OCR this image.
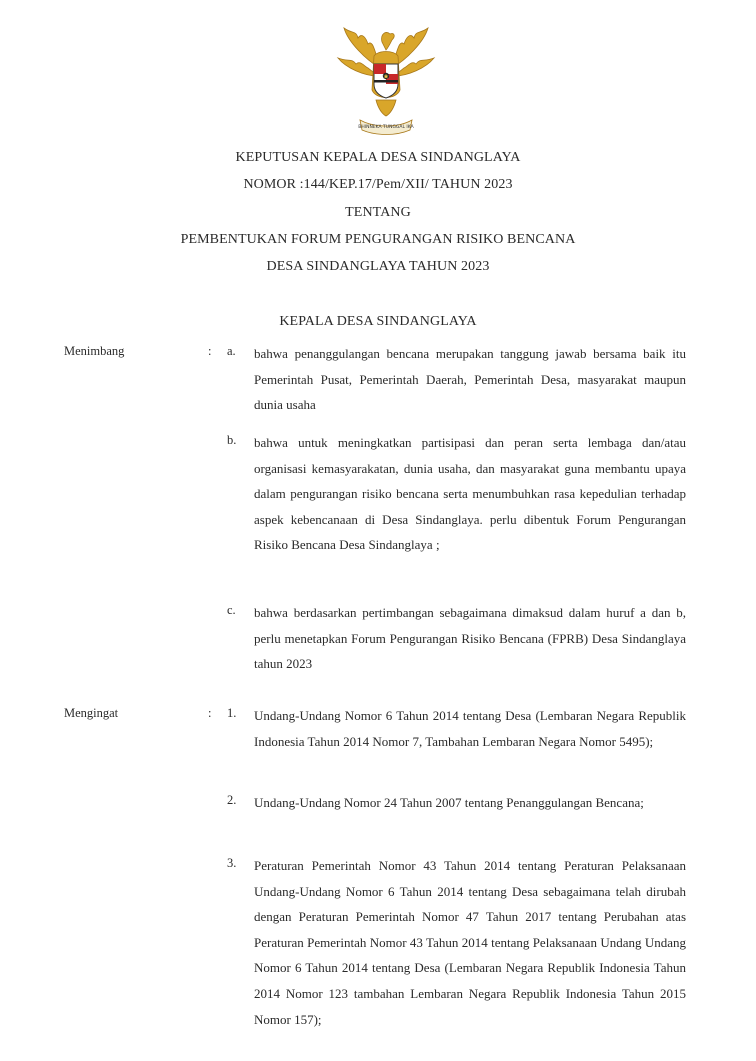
BHINNEKA TUNGGAL IKA
KEPUTUSAN KEPALA DESA SINDANGLAYA
NOMOR :144/KEP.17/Pem/XII/ TAHUN 2023
TENTANG
PEMBENTUKAN FORUM PENGURANGAN RISIKO BENCANA
DESA SINDANGLAYA TAHUN 2023
KEPALA DESA SINDANGLAYA
Menimbang	: a.	bahwa penanggulangan bencana merupakan tanggung jawab bersama baik itu Pemerintah Pusat, Pemerintah Daerah, Pemerintah Desa, masyarakat maupun dunia usaha
b.	bahwa untuk meningkatkan partisipasi dan peran serta lembaga dan/atau organisasi kemasyarakatan, dunia usaha, dan masyarakat guna membantu upaya dalam pengurangan risiko bencana serta menumbuhkan rasa kepedulian terhadap aspek kebencanaan di Desa Sindanglaya. perlu dibentuk Forum Pengurangan Risiko Bencana Desa Sindanglaya ;
c.	bahwa berdasarkan pertimbangan sebagaimana dimaksud dalam huruf a dan b, perlu menetapkan Forum Pengurangan Risiko Bencana (FPRB) Desa Sindanglaya tahun 2023
Mengingat	: 1.	Undang-Undang Nomor 6 Tahun 2014 tentang Desa (Lembaran Negara Republik Indonesia Tahun 2014 Nomor 7, Tambahan Lembaran Negara Nomor 5495);
2.	Undang-Undang Nomor 24 Tahun 2007 tentang Penanggulangan Bencana;
3.	Peraturan Pemerintah Nomor 43 Tahun 2014 tentang Peraturan Pelaksanaan Undang-Undang Nomor 6 Tahun 2014 tentang Desa sebagaimana telah dirubah dengan Peraturan Pemerintah Nomor 47 Tahun 2017 tentang Perubahan atas Peraturan Pemerintah Nomor 43 Tahun 2014 tentang Pelaksanaan Undang Undang Nomor 6 Tahun 2014 tentang Desa (Lembaran Negara Republik Indonesia Tahun 2014 Nomor 123 tambahan Lembaran Negara Republik Indonesia Tahun 2015 Nomor 157);
